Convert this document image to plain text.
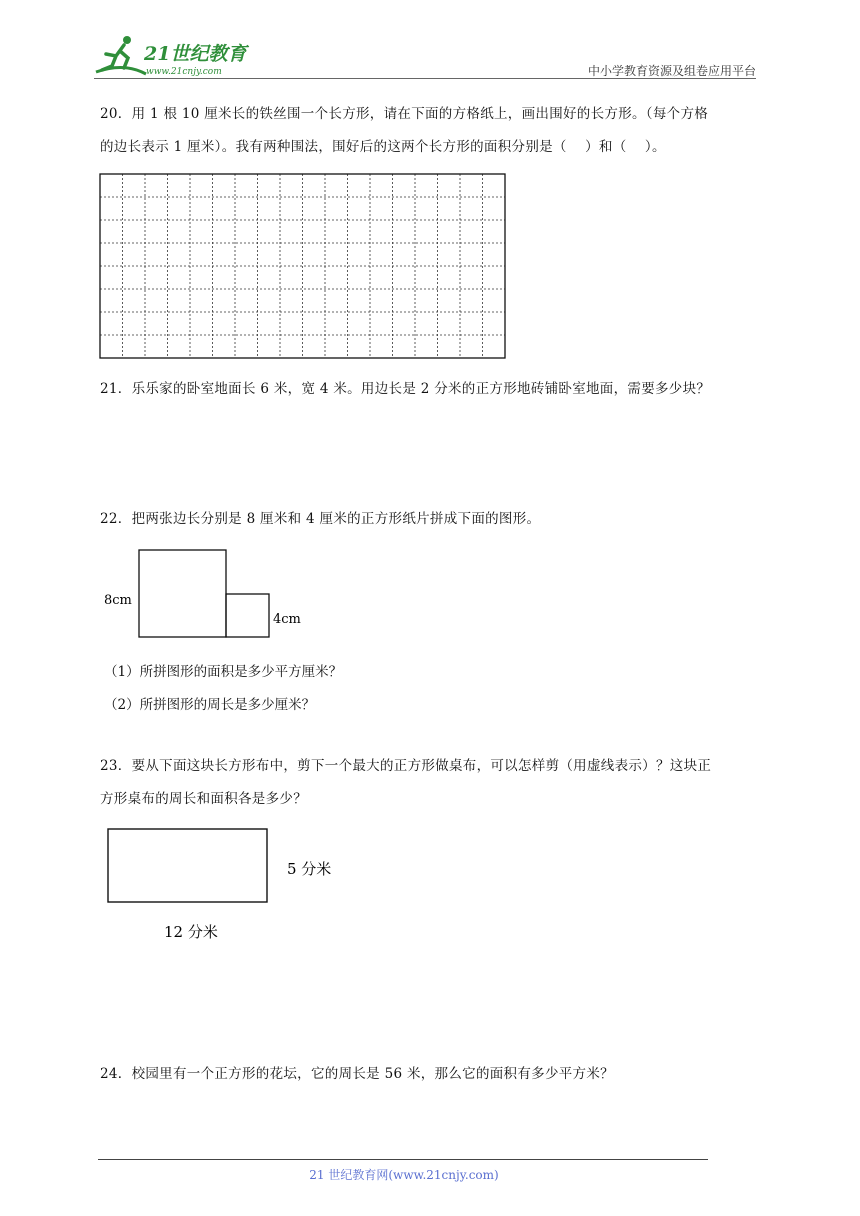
21世纪教育
www.21cnjy.com	中小学教育资源及组卷应用平台
20．用 1 根 10 厘米长的铁丝围一个长方形，请在下面的方格纸上，画出围好的长方形。（每个方格
的边长表示 1 厘米）。我有两种围法，围好后的这两个长方形的面积分别是（　 ）和（　 ）。
21．乐乐家的卧室地面长 6 米，宽 4 米。用边长是 2 分米的正方形地砖铺卧室地面，需要多少块？
22．把两张边长分别是 8 厘米和 4 厘米的正方形纸片拼成下面的图形。
8cm
4cm
（1）所拼图形的面积是多少平方厘米？
（2）所拼图形的周长是多少厘米？
23．要从下面这块长方形布中，剪下一个最大的正方形做桌布，可以怎样剪（用虚线表示）？这块正
方形桌布的周长和面积各是多少？
5 分米
12 分米
24．校园里有一个正方形的花坛，它的周长是 56 米，那么它的面积有多少平方米？
21 世纪教育网(www.21cnjy.com)
